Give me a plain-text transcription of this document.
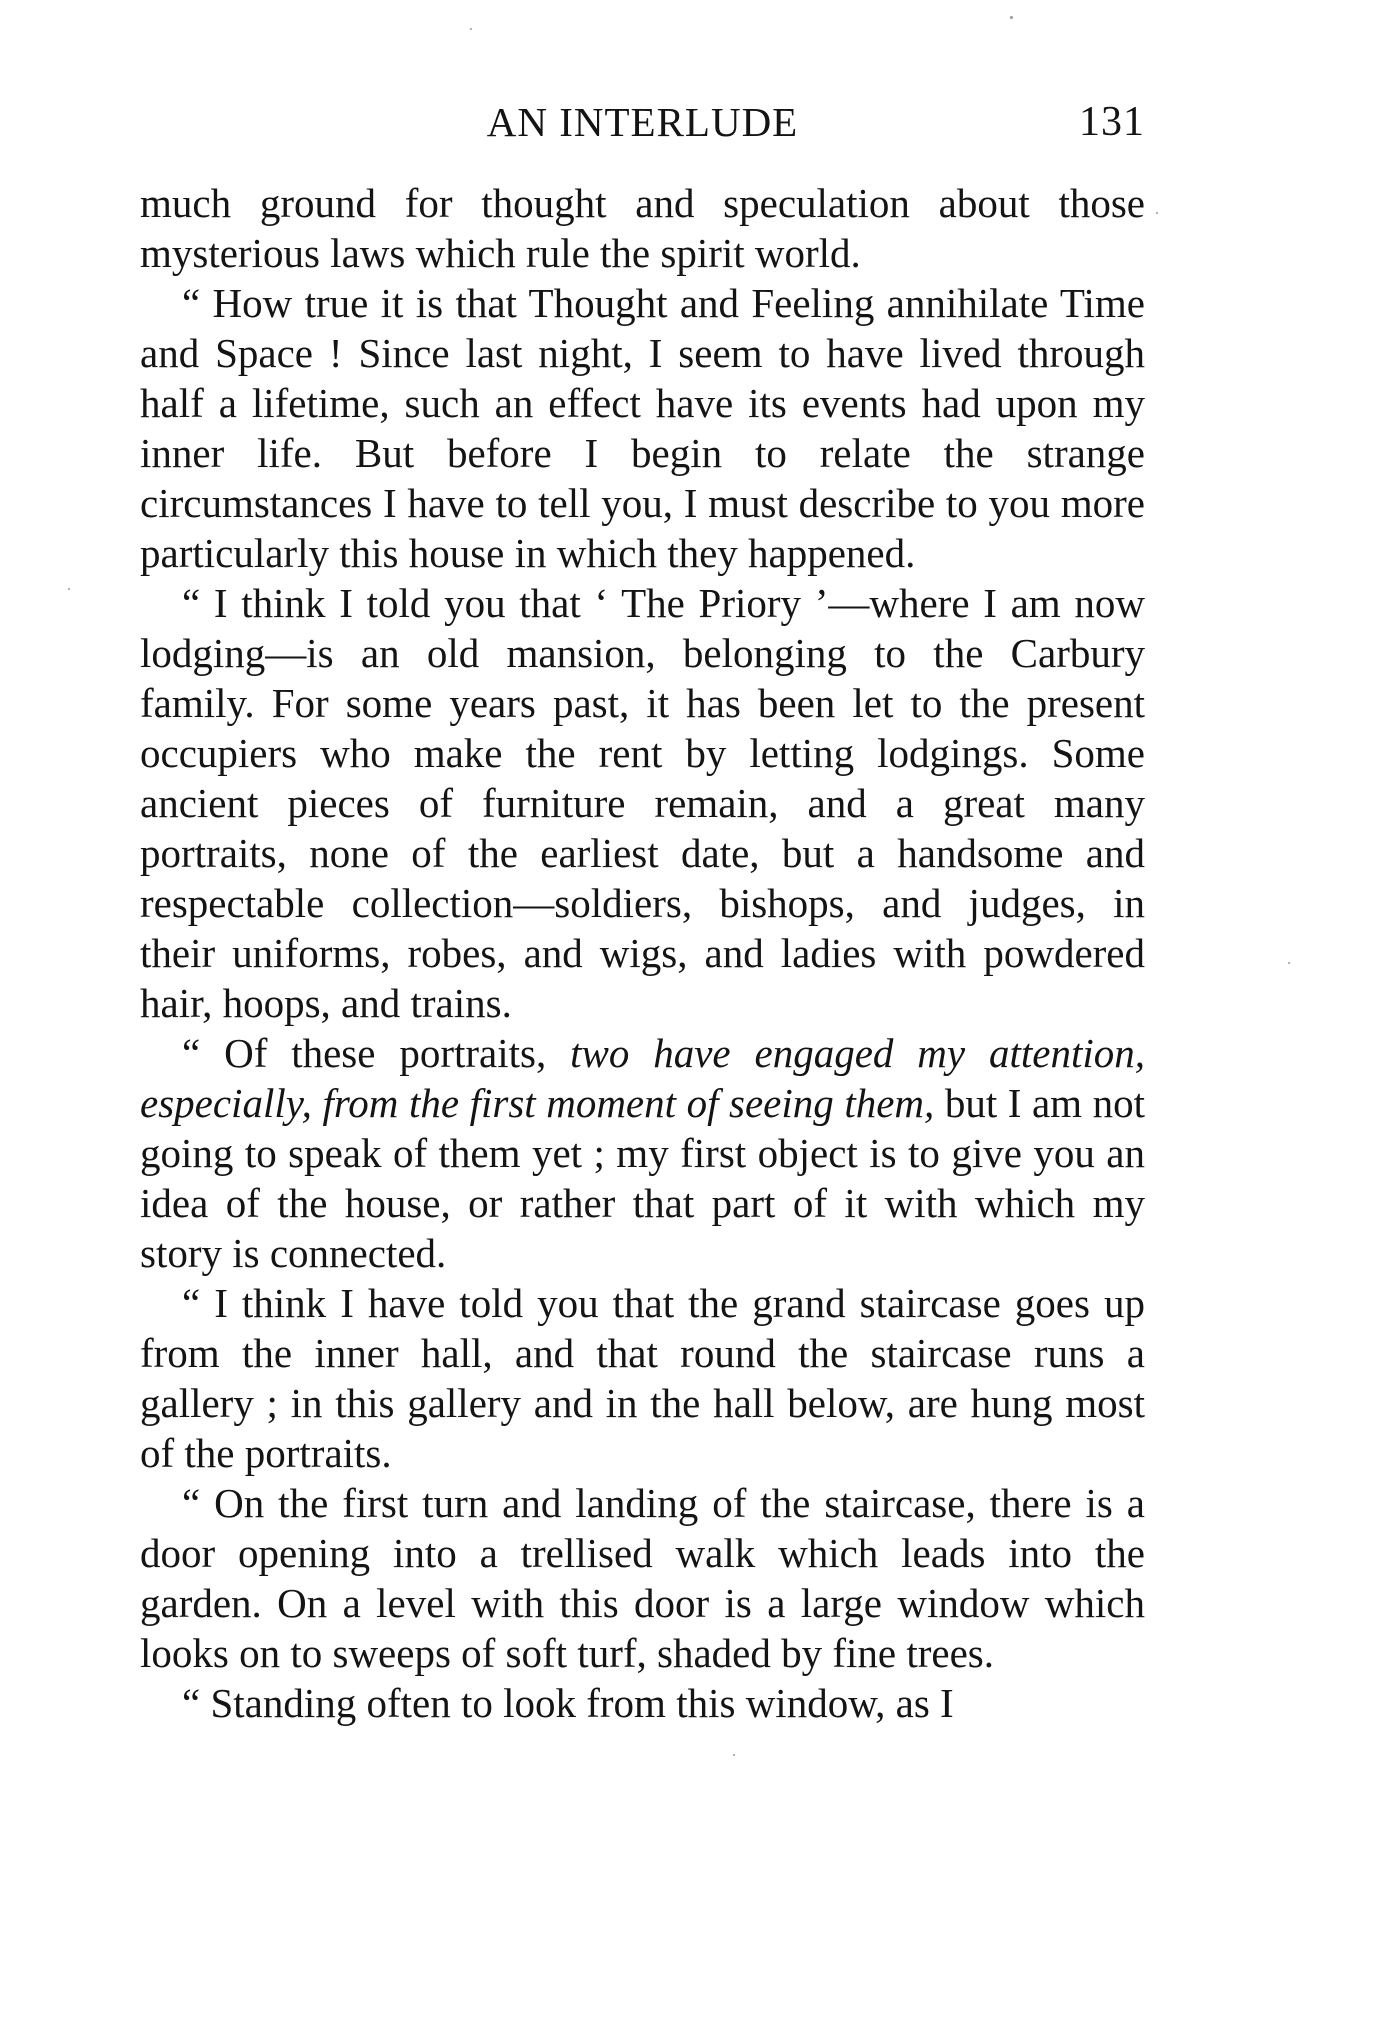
AN INTERLUDE	131

much ground for thought and speculation about those mysterious laws which rule the spirit world.

“ How true it is that Thought and Feeling annihilate Time and Space ! Since last night, I seem to have lived through half a lifetime, such an effect have its events had upon my inner life. But before I begin to relate the strange circumstances I have to tell you, I must describe to you more particularly this house in which they happened.

“ I think I told you that ‘ The Priory ’—where I am now lodging—is an old mansion, belonging to the Carbury family. For some years past, it has been let to the present occupiers who make the rent by letting lodgings. Some ancient pieces of furniture remain, and a great many portraits, none of the earliest date, but a handsome and respectable collection—soldiers, bishops, and judges, in their uniforms, robes, and wigs, and ladies with powdered hair, hoops, and trains.

“ Of these portraits, two have engaged my attention, especially, from the first moment of seeing them, but I am not going to speak of them yet ; my first object is to give you an idea of the house, or rather that part of it with which my story is connected.

“ I think I have told you that the grand staircase goes up from the inner hall, and that round the staircase runs a gallery ; in this gallery and in the hall below, are hung most of the portraits.

“ On the first turn and landing of the staircase, there is a door opening into a trellised walk which leads into the garden. On a level with this door is a large window which looks on to sweeps of soft turf, shaded by fine trees.

“ Standing often to look from this window, as I
